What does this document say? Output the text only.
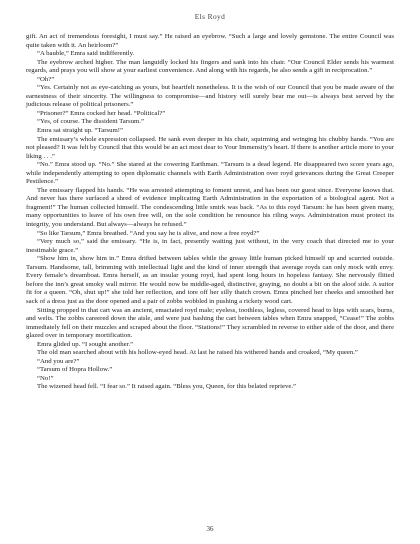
Els Royd

gift. An act of tremendous foresight, I must say.” He raised an eyebrow. “Such a large and lovely gemstone. The entire Council was quite taken with it. An heirloom?”

“A bauble,” Emra said indifferently.

The eyebrow arched higher. The man languidly locked his fingers and sank into his chair. “Our Council Elder sends his warmest regards, and prays you will show at your earliest convenience. And along with his regards, he also sends a gift in reciprocation.”

“Oh?”

“Yes. Certainly not as eye-catching as yours, but heartfelt nonetheless. It is the wish of our Council that you be made aware of the earnestness of their sincerity. The willingness to compromise—and history will surely bear me out—is always best served by the judicious release of political prisoners.”

“Prisoner?” Emra cocked her head. “Political?”

“Yes, of course. The dissident Tarsum.”

Emra sat straight up. “Tarsum!”

The emissary’s whole expression collapsed. He sank even deeper in his chair, squirming and wringing his chubby hands. “You are not pleased? It was felt by Council that this would be an act most dear to Your Immensity’s heart. If there is another article more to your liking . . .”

“No.” Emra stood up. “No.” She stared at the cowering Earthman. “Tarsum is a dead legend. He disappeared two score years ago, while independently attempting to open diplomatic channels with Earth Administration over royd grievances during the Great Creeper Pestilence.”

The emissary flapped his hands. “He was arrested attempting to foment unrest, and has been our guest since. Everyone knows that. And never has there surfaced a shred of evidence implicating Earth Administration in the exportation of a biological agent. Not a fragment!” The human collected himself. The condescending little smirk was back. “As to this royd Tarsum: he has been given many, many opportunities to leave of his own free will, on the sole condition he renounce his riling ways. Administration must protect its integrity, you understand. But always—always he refused.”

“So like Tarsum,” Emra breathed. “And you say he is alive, and now a free royd?”

“Very much so,” said the emissary. “He is, in fact, presently waiting just without, in the very coach that directed me to your inestimable grace.”

“Show him in, show him in.” Emra drifted between tables while the greasy little human picked himself up and scurried outside. Tarsum. Handsome, tall, brimming with intellectual light and the kind of inner strength that average royds can only mock with envy. Every female’s dreamboat. Emra herself, as an insular young royd, had spent long hours in hopeless fantasy. She nervously flitted before the inn’s great smoky wall mirror. He would now be middle-aged, distinctive, graying, no doubt a bit on the aloof side. A suitor fit for a queen. “Oh, shut up!” she told her reflection, and tore off her silly thatch crown. Emra pinched her cheeks and smoothed her sack of a dress just as the door opened and a pair of zobbs wobbled in pushing a rickety wood cart.

Sitting propped in that cart was an ancient, emaciated royd male; eyeless, toothless, legless, covered head to hips with scars, burns, and welts. The zobbs careered down the aisle, and were just bashing the cart between tables when Emra snapped, “Cease!” The zobbs immediately fell on their muzzles and scraped about the floor. “Stations!” They scrambled in reverse to either side of the door, and there glazed over in temporary mortification.

Emra glided up. “I sought another.”

The old man searched about with his hollow-eyed head. At last he raised his withered hands and croaked, “My queen.”

“And you are?”

“Tarsum of Hopra Hollow.”

“No!”

The wizened head fell. “I fear so.” It raised again. “Bless you, Queen, for this belated reprieve.”

36
